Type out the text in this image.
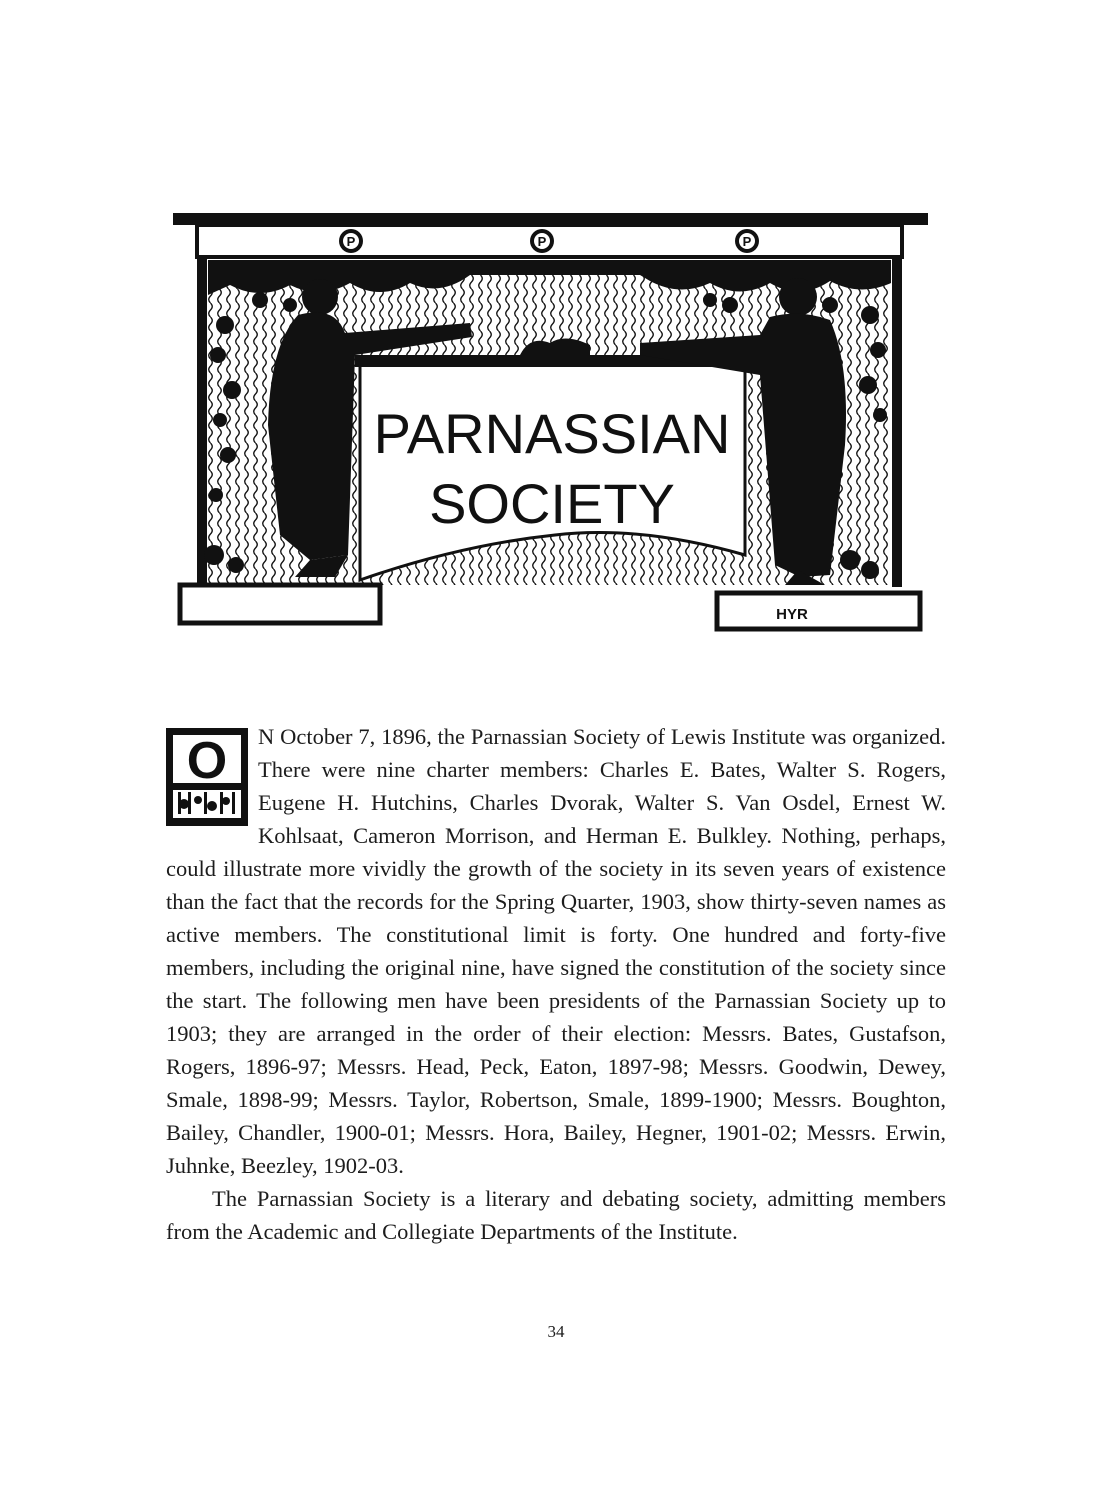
P	P	P
PARNASSIAN
SOCIETY
HYR
O	N October 7, 1896, the Parnassian Society of Lewis Institute was organized. There were nine charter members: Charles E. Bates, Walter S. Rogers, Eugene H. Hutchins, Charles Dvorak, Walter S. Van Osdel, Ernest W. Kohlsaat, Cameron Morrison, and Herman E. Bulkley. Nothing, perhaps, could illustrate more vividly the growth of the society in its seven years of existence than the fact that the records for the Spring Quarter, 1903, show thirty-seven names as active members. The constitutional limit is forty. One hundred and forty-five members, including the original nine, have signed the constitution of the society since the start. The following men have been presidents of the Parnassian Society up to 1903; they are arranged in the order of their election: Messrs. Bates, Gustafson, Rogers, 1896-97; Messrs. Head, Peck, Eaton, 1897-98; Messrs. Goodwin, Dewey, Smale, 1898-99; Messrs. Taylor, Robertson, Smale, 1899-1900; Messrs. Boughton, Bailey, Chandler, 1900-01; Messrs. Hora, Bailey, Hegner, 1901-02; Messrs. Erwin, Juhnke, Beezley, 1902-03.

The Parnassian Society is a literary and debating society, admitting members from the Academic and Collegiate Departments of the Institute.

34
